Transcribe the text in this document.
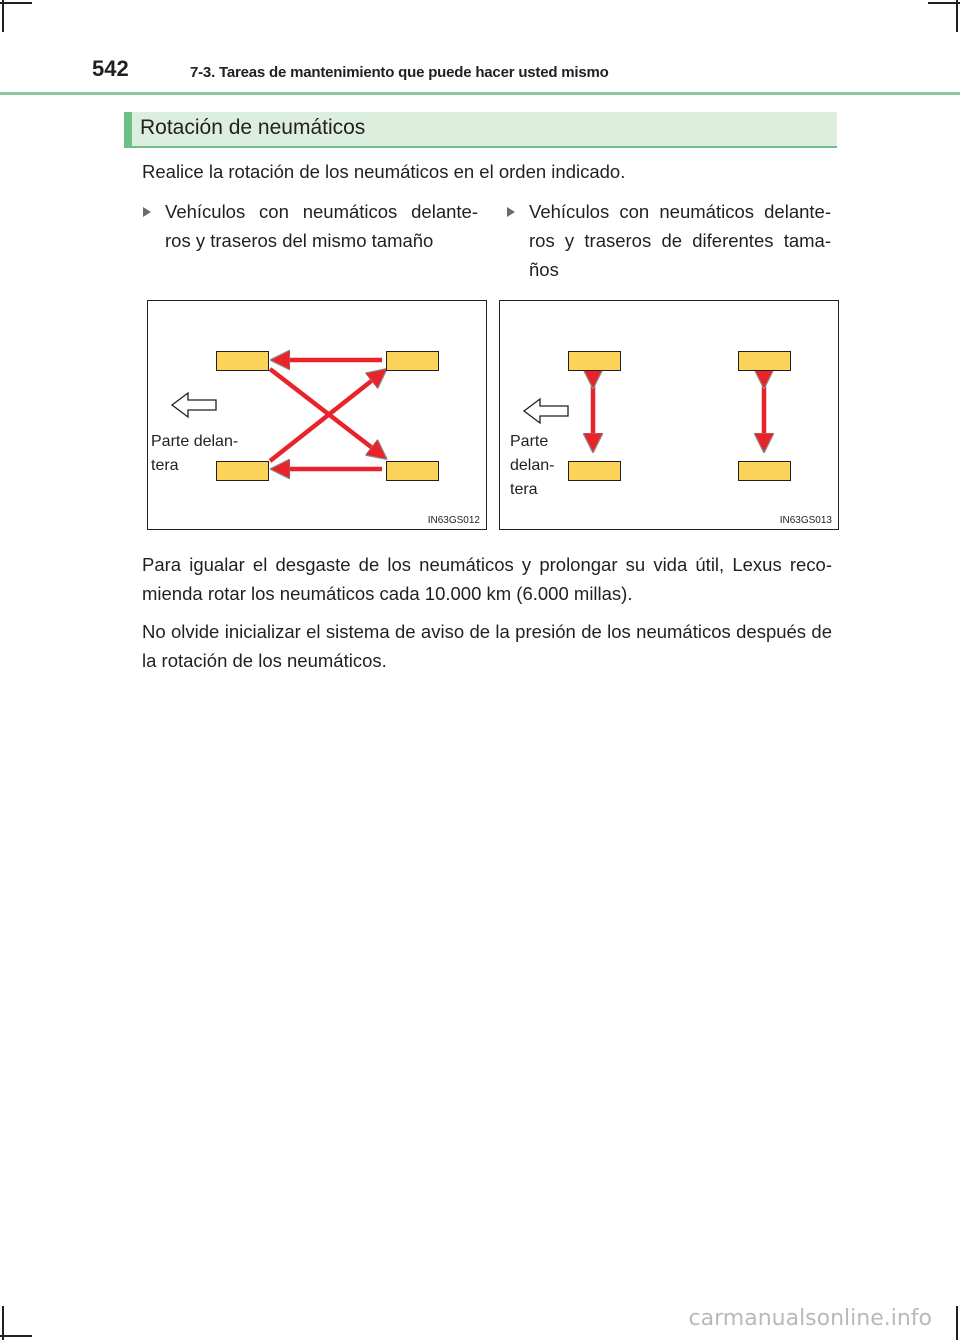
542	7-3. Tareas de mantenimiento que puede hacer usted mismo
Rotación de neumáticos
Realice la rotación de los neumáticos en el orden indicado.
Vehículos con neumáticos delante- ros y traseros del mismo tamaño
Vehículos con neumáticos delante- ros y traseros de diferentes tama- ños
Parte delan-
tera
IN63GS012
Parte
delan-
tera
IN63GS013
Para igualar el desgaste de los neumáticos y prolongar su vida útil, Lexus reco- mienda rotar los neumáticos cada 10.000 km (6.000 millas).
No olvide inicializar el sistema de aviso de la presión de los neumáticos después de la rotación de los neumáticos.
carmanualsonline.info
